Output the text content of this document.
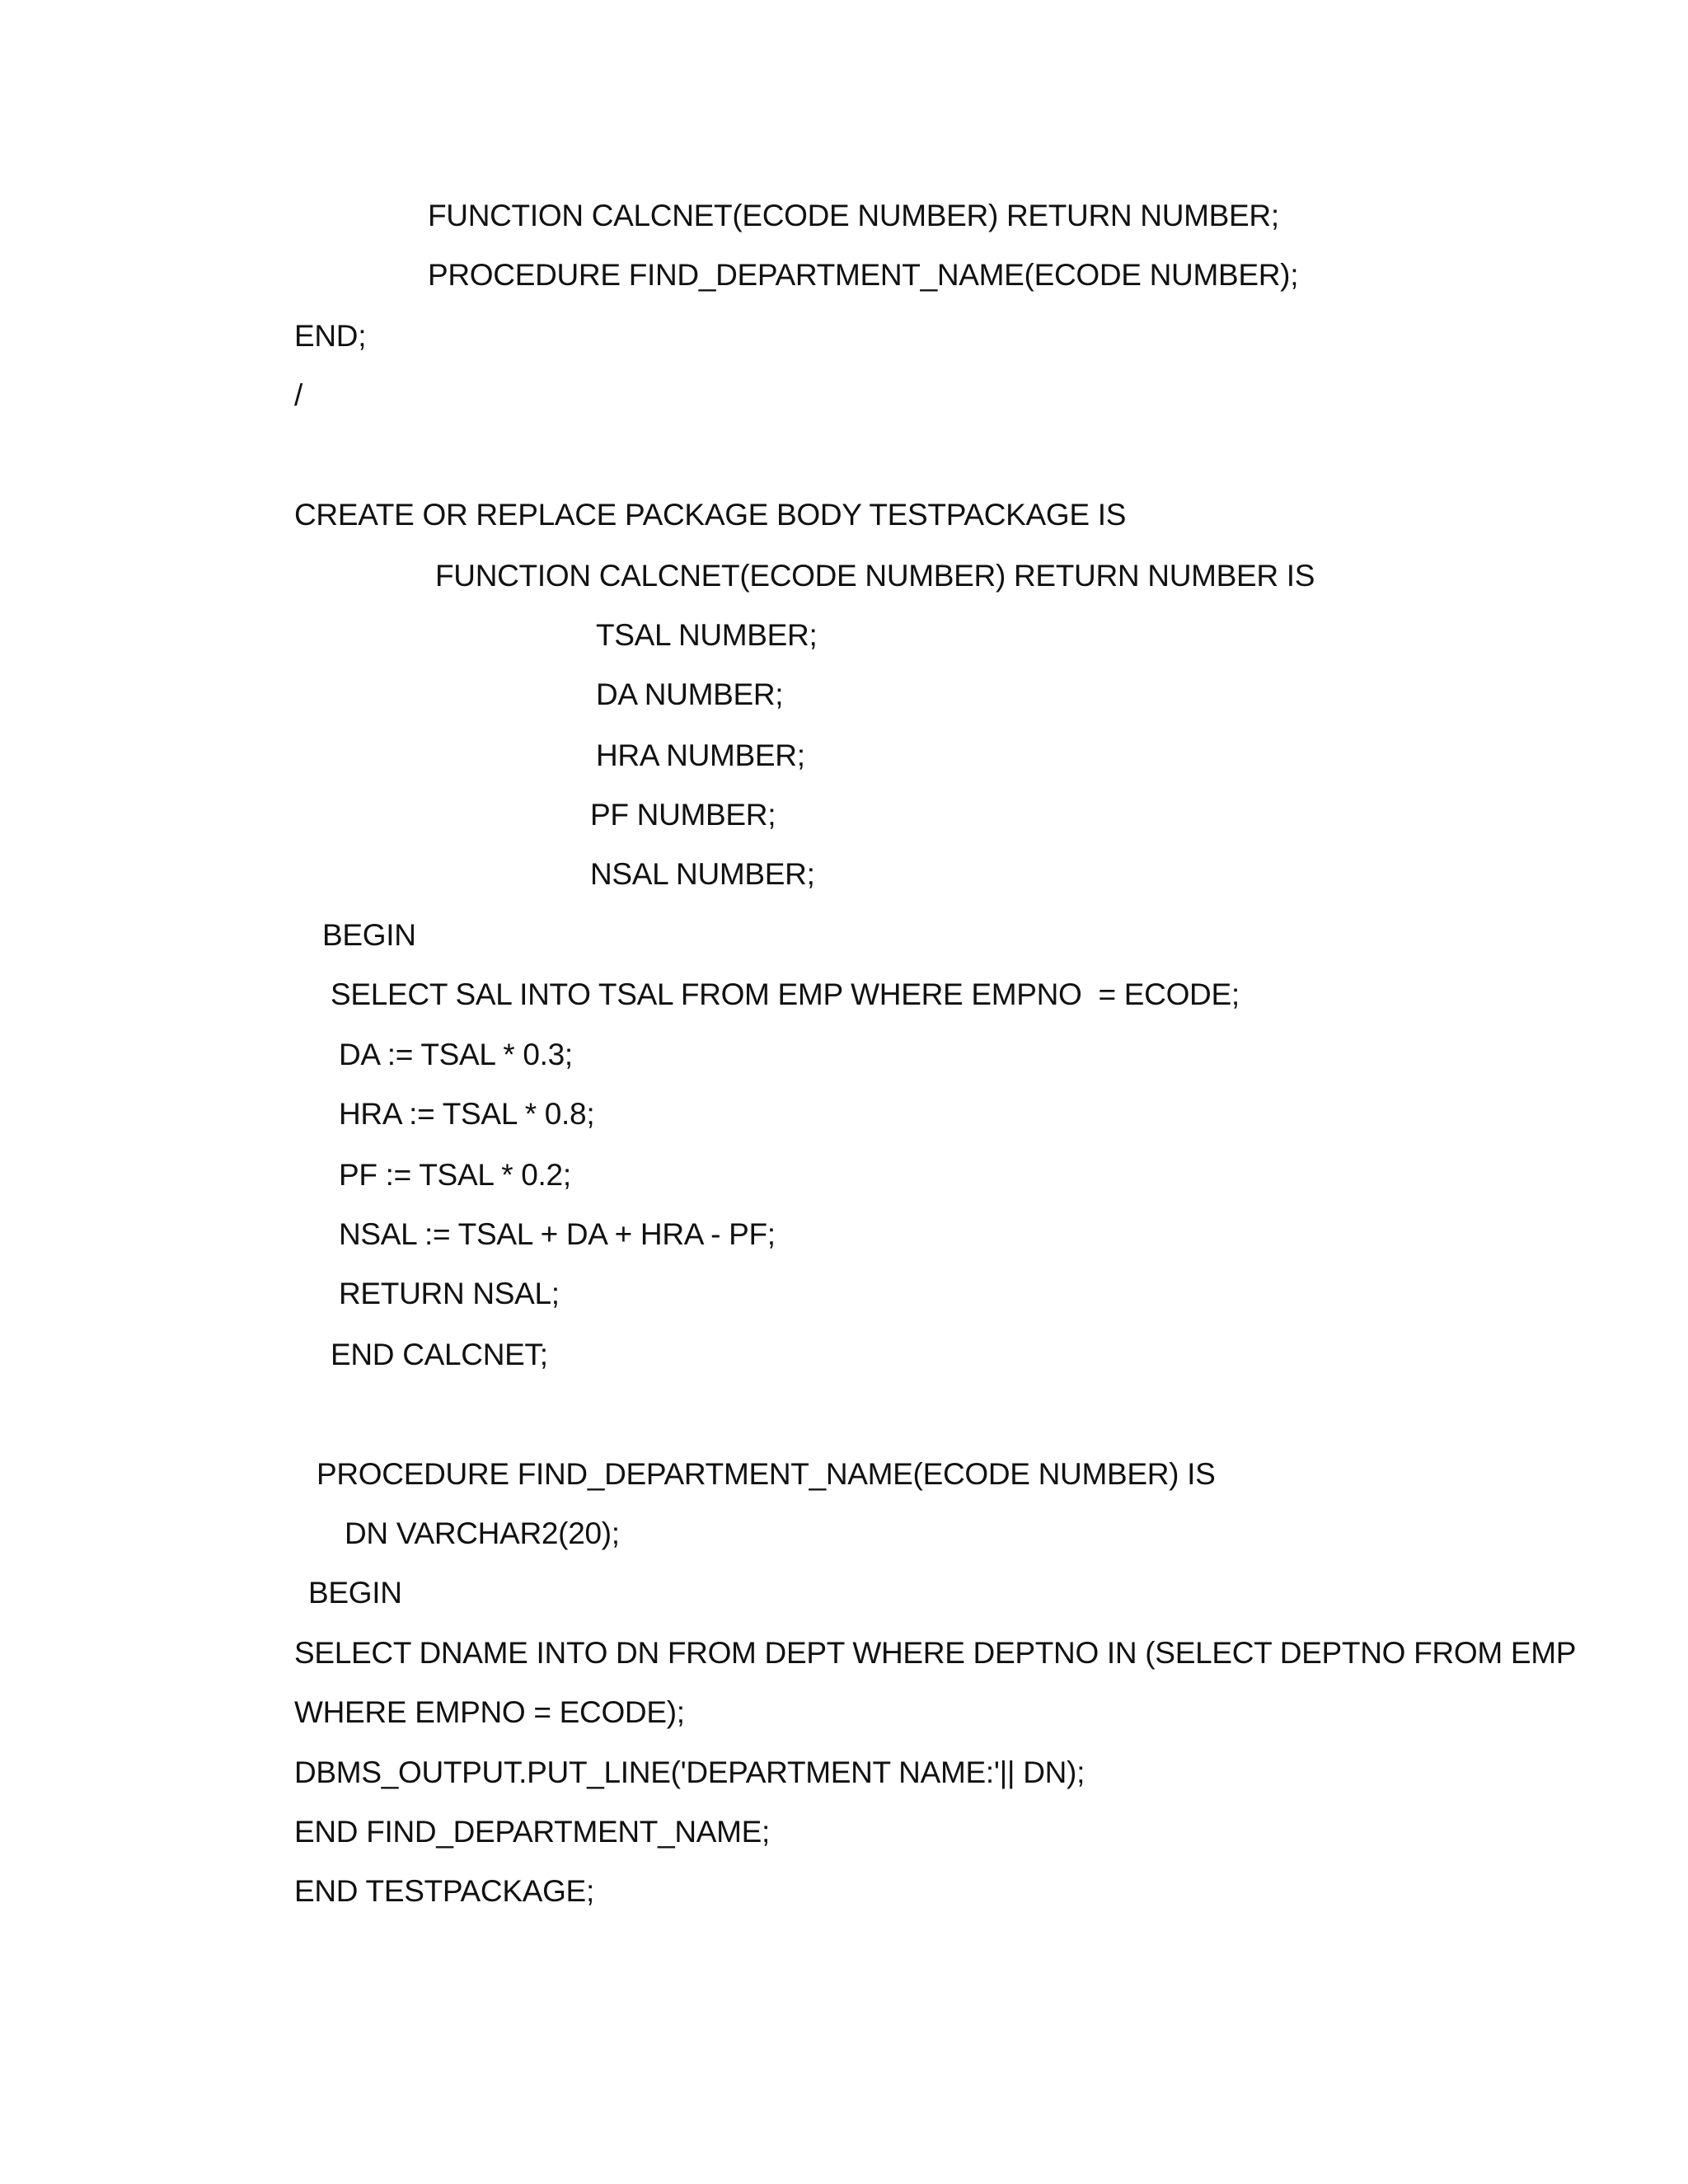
FUNCTION CALCNET(ECODE NUMBER) RETURN NUMBER;
PROCEDURE FIND_DEPARTMENT_NAME(ECODE NUMBER);
END;
/
CREATE OR REPLACE PACKAGE BODY TESTPACKAGE IS
FUNCTION CALCNET(ECODE NUMBER) RETURN NUMBER IS
TSAL NUMBER;
DA NUMBER;
HRA NUMBER;
PF NUMBER;
NSAL NUMBER;
BEGIN
SELECT SAL INTO TSAL FROM EMP WHERE EMPNO  = ECODE;
DA := TSAL * 0.3;
HRA := TSAL * 0.8;
PF := TSAL * 0.2;
NSAL := TSAL + DA + HRA - PF;
RETURN NSAL;
END CALCNET;
PROCEDURE FIND_DEPARTMENT_NAME(ECODE NUMBER) IS
DN VARCHAR2(20);
BEGIN
SELECT DNAME INTO DN FROM DEPT WHERE DEPTNO IN (SELECT DEPTNO FROM EMP
WHERE EMPNO = ECODE);
DBMS_OUTPUT.PUT_LINE('DEPARTMENT NAME:'|| DN);
END FIND_DEPARTMENT_NAME;
END TESTPACKAGE;
